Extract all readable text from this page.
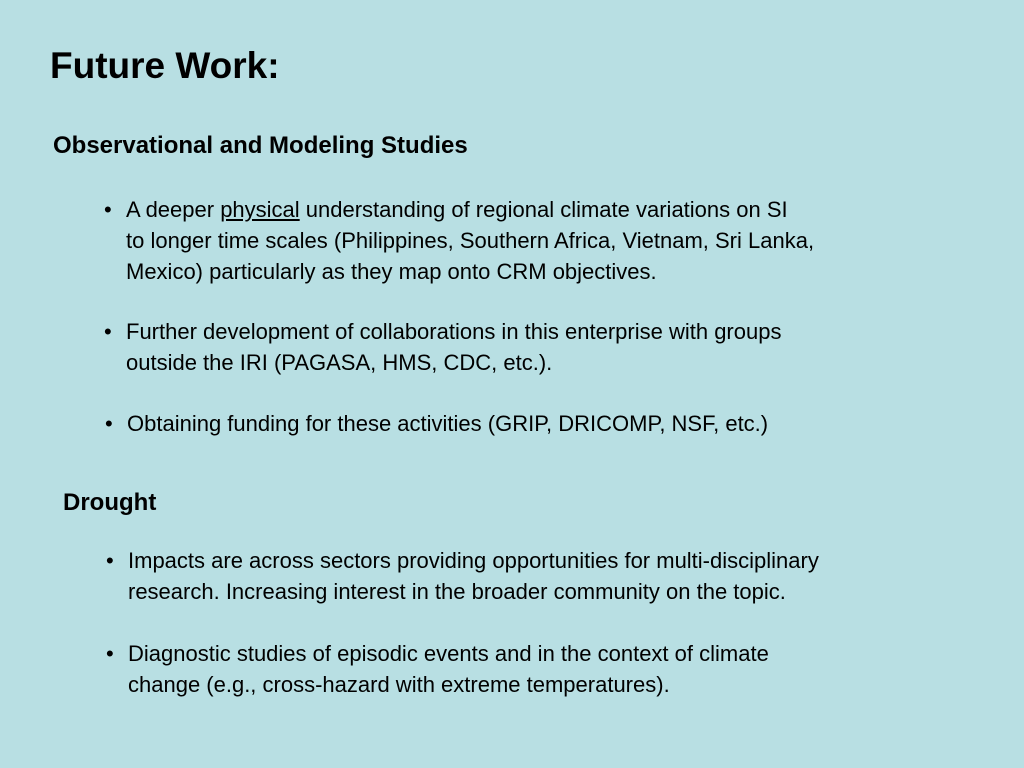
Future Work:
Observational and Modeling Studies
• A deeper physical understanding of regional climate variations on SI
to longer time scales (Philippines, Southern Africa, Vietnam, Sri Lanka,
Mexico) particularly as they map onto CRM objectives.
• Further development of collaborations in this enterprise with groups
outside the IRI (PAGASA, HMS, CDC, etc.).
• Obtaining funding for these activities (GRIP, DRICOMP, NSF, etc.)
Drought
• Impacts are across sectors providing opportunities for multi-disciplinary
research. Increasing interest in the broader community on the topic.
• Diagnostic studies of episodic events and in the context of climate
change (e.g., cross-hazard with extreme temperatures).
